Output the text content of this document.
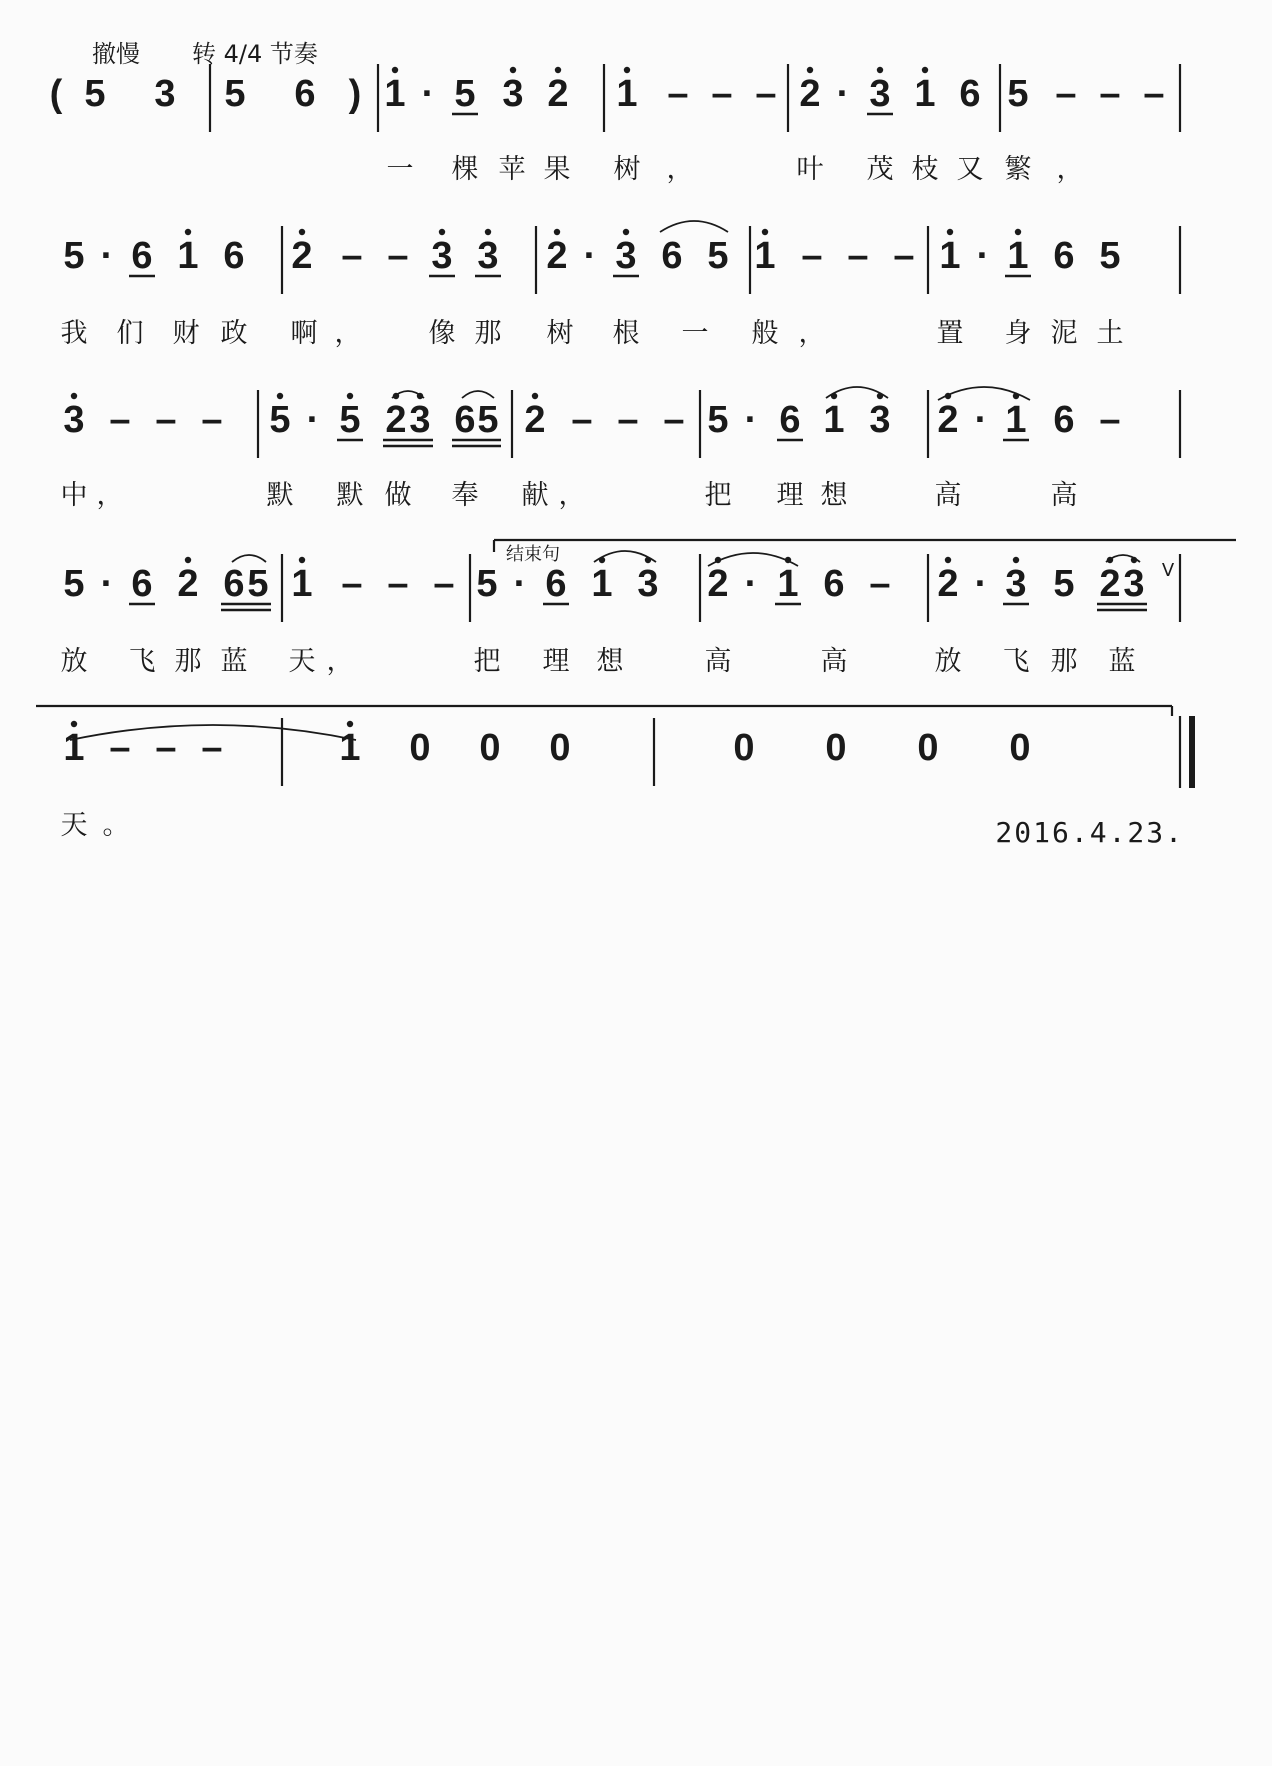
撤慢 转 4/4 节奏
( 5 3 5 6 ) 1 · 5 3 2 1 – – – 2 · 3 1 6 5 – – –
一 棵 苹 果 树 ，	叶 茂 枝 又 繁 ，
5 · 6 1 6 2 – – 3 3 2 · 3 6 5 1 – – – 1 · 1 6 5
我 们 财 政 啊 ， 像 那 树 根 一 般 ，	置 身 泥 土
3 – – – 5 · 5 2 3 6 5 2 – – – 5 · 6 1 3 2 · 1 6 –
中 ，	默 默 做 奉 献 ，	把 理 想	高	高
5 · 6 2 6 5 1 – – – 5 · 6 1 3 2 · 1 6 – 2 · 3 5 2 3
放 飞 那 蓝 天 ，	把 理 想	高	高	放 飞 那 蓝
1 – – –	1 0 0 0	0 0 0 0
天 。
结束句
V
2016.4.23.
